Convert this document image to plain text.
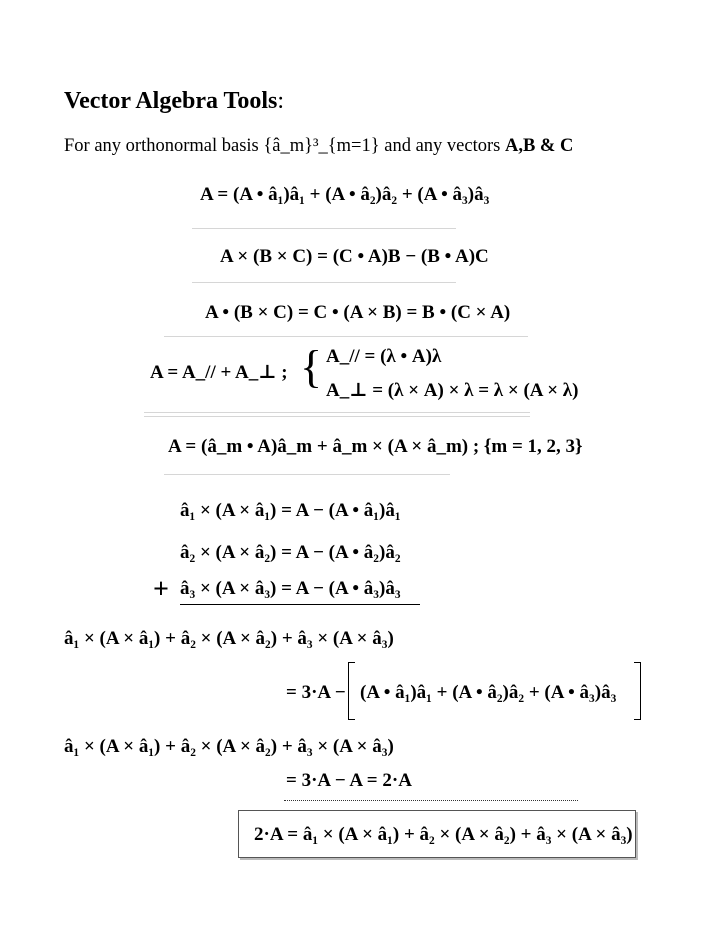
Vector Algebra Tools:
For any orthonormal basis {â_m}³_{m=1} and any vectors A,B & C
A = (A • â₁)â₁ + (A • â₂)â₂ + (A • â₃)â₃
A × (B × C) = (C • A)B − (B • A)C
A • (B × C) = C • (A × B) = B • (C × A)
A = A_// + A_⊥ ; { A_// = (λ • A)λ
A_⊥ = (λ × A) × λ = λ × (A × λ)
A = (â_m • A)â_m + â_m × (A × â_m) ; {m = 1, 2, 3}
â₁ × (A × â₁) = A − (A • â₁)â₁
â₂ × (A × â₂) = A − (A • â₂)â₂
+ â₃ × (A × â₃) = A − (A • â₃)â₃
â₁ × (A × â₁) + â₂ × (A × â₂) + â₃ × (A × â₃)
= 3·A − (A • â₁)â₁ + (A • â₂)â₂ + (A • â₃)â₃
â₁ × (A × â₁) + â₂ × (A × â₂) + â₃ × (A × â₃)
= 3·A − A = 2·A
2·A = â₁ × (A × â₁) + â₂ × (A × â₂) + â₃ × (A × â₃)
